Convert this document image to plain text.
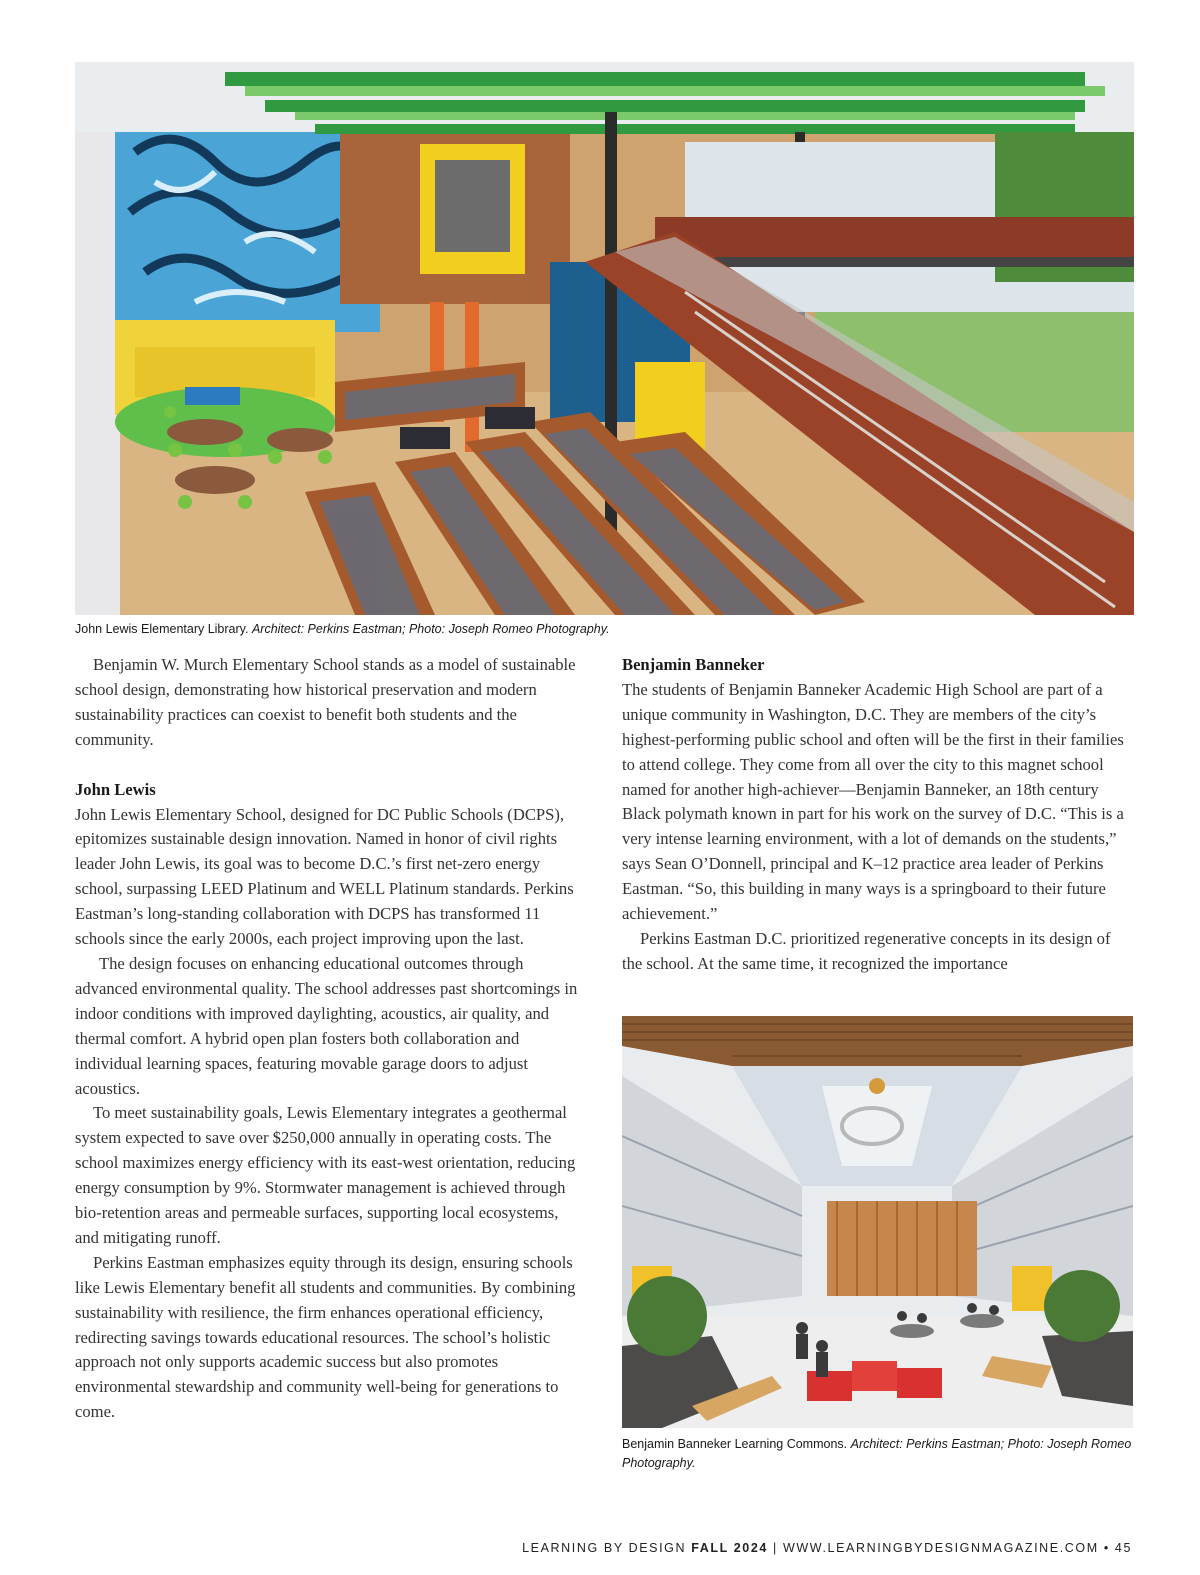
John Lewis Elementary Library. Architect: Perkins Eastman; Photo: Joseph Romeo Photography.

Benjamin W. Murch Elementary School stands as a model of sustainable school design, demonstrating how historical preservation and modern sustainability practices can coexist to benefit both students and the community.

John Lewis

John Lewis Elementary School, designed for DC Public Schools (DCPS), epitomizes sustainable design innovation. Named in honor of civil rights leader John Lewis, its goal was to become D.C.’s first net-zero energy school, surpassing LEED Platinum and WELL Platinum standards. Perkins Eastman’s long-standing collaboration with DCPS has transformed 11 schools since the early 2000s, each project improving upon the last.

The design focuses on enhancing educational outcomes through advanced environmental quality. The school addresses past shortcomings in indoor conditions with improved daylighting, acoustics, air quality, and thermal comfort. A hybrid open plan fosters both collaboration and individual learning spaces, featuring movable garage doors to adjust acoustics.

To meet sustainability goals, Lewis Elementary integrates a geothermal system expected to save over $250,000 annually in operating costs. The school maximizes energy efficiency with its east-west orientation, reducing energy consumption by 9%. Stormwater management is achieved through bio-retention areas and permeable surfaces, supporting local ecosystems, and mitigating runoff.

Perkins Eastman emphasizes equity through its design, ensuring schools like Lewis Elementary benefit all students and communities. By combining sustainability with resilience, the firm enhances operational efficiency, redirecting savings towards educational resources. The school’s holistic approach not only supports academic success but also promotes environmental stewardship and community well-being for generations to come.

Benjamin Banneker

The students of Benjamin Banneker Academic High School are part of a unique community in Washington, D.C. They are members of the city’s highest-performing public school and often will be the first in their families to attend college. They come from all over the city to this magnet school named for another high-achiever—Benjamin Banneker, an 18th century Black polymath known in part for his work on the survey of D.C. “This is a very intense learning environment, with a lot of demands on the students,” says Sean O’Donnell, principal and K–12 practice area leader of Perkins Eastman. “So, this building in many ways is a springboard to their future achievement.”

Perkins Eastman D.C. prioritized regenerative concepts in its design of the school. At the same time, it recognized the importance

Benjamin Banneker Learning Commons. Architect: Perkins Eastman; Photo: Joseph Romeo Photography.
LEARNING BY DESIGN FALL 2024 | WWW.LEARNINGBYDESIGNMAGAZINE.COM • 45
